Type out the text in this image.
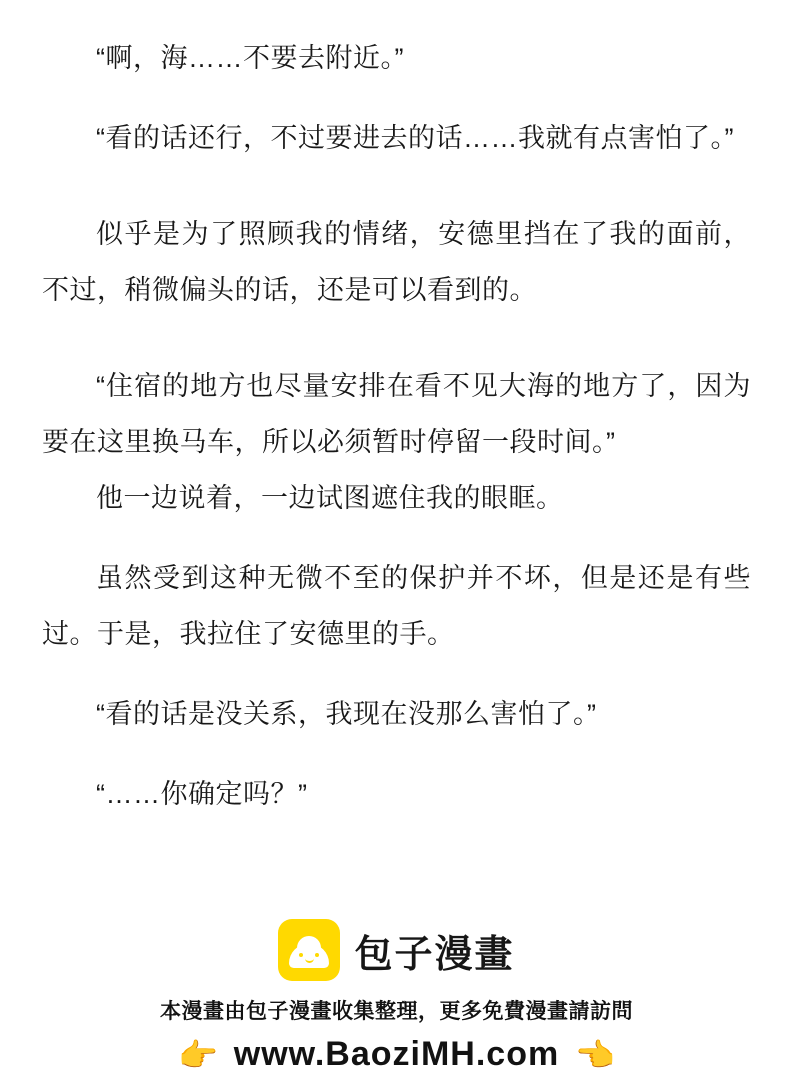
“啊，海……不要去附近。”

“看的话还行，不过要进去的话……我就有点害怕了。”

似乎是为了照顾我的情绪，安德里挡在了我的面前，不过，稍微偏头的话，还是可以看到的。

“住宿的地方也尽量安排在看不见大海的地方了，因为要在这里换马车，所以必须暂时停留一段时间。”

他一边说着，一边试图遮住我的眼眶。

虽然受到这种无微不至的保护并不坏，但是还是有些过。于是，我拉住了安德里的手。

“看的话是没关系，我现在没那么害怕了。”

“……你确定吗？”

包子漫畫
本漫畫由包子漫畫收集整理，更多免費漫畫請訪問
👉 www.BaoziMH.com 👈
